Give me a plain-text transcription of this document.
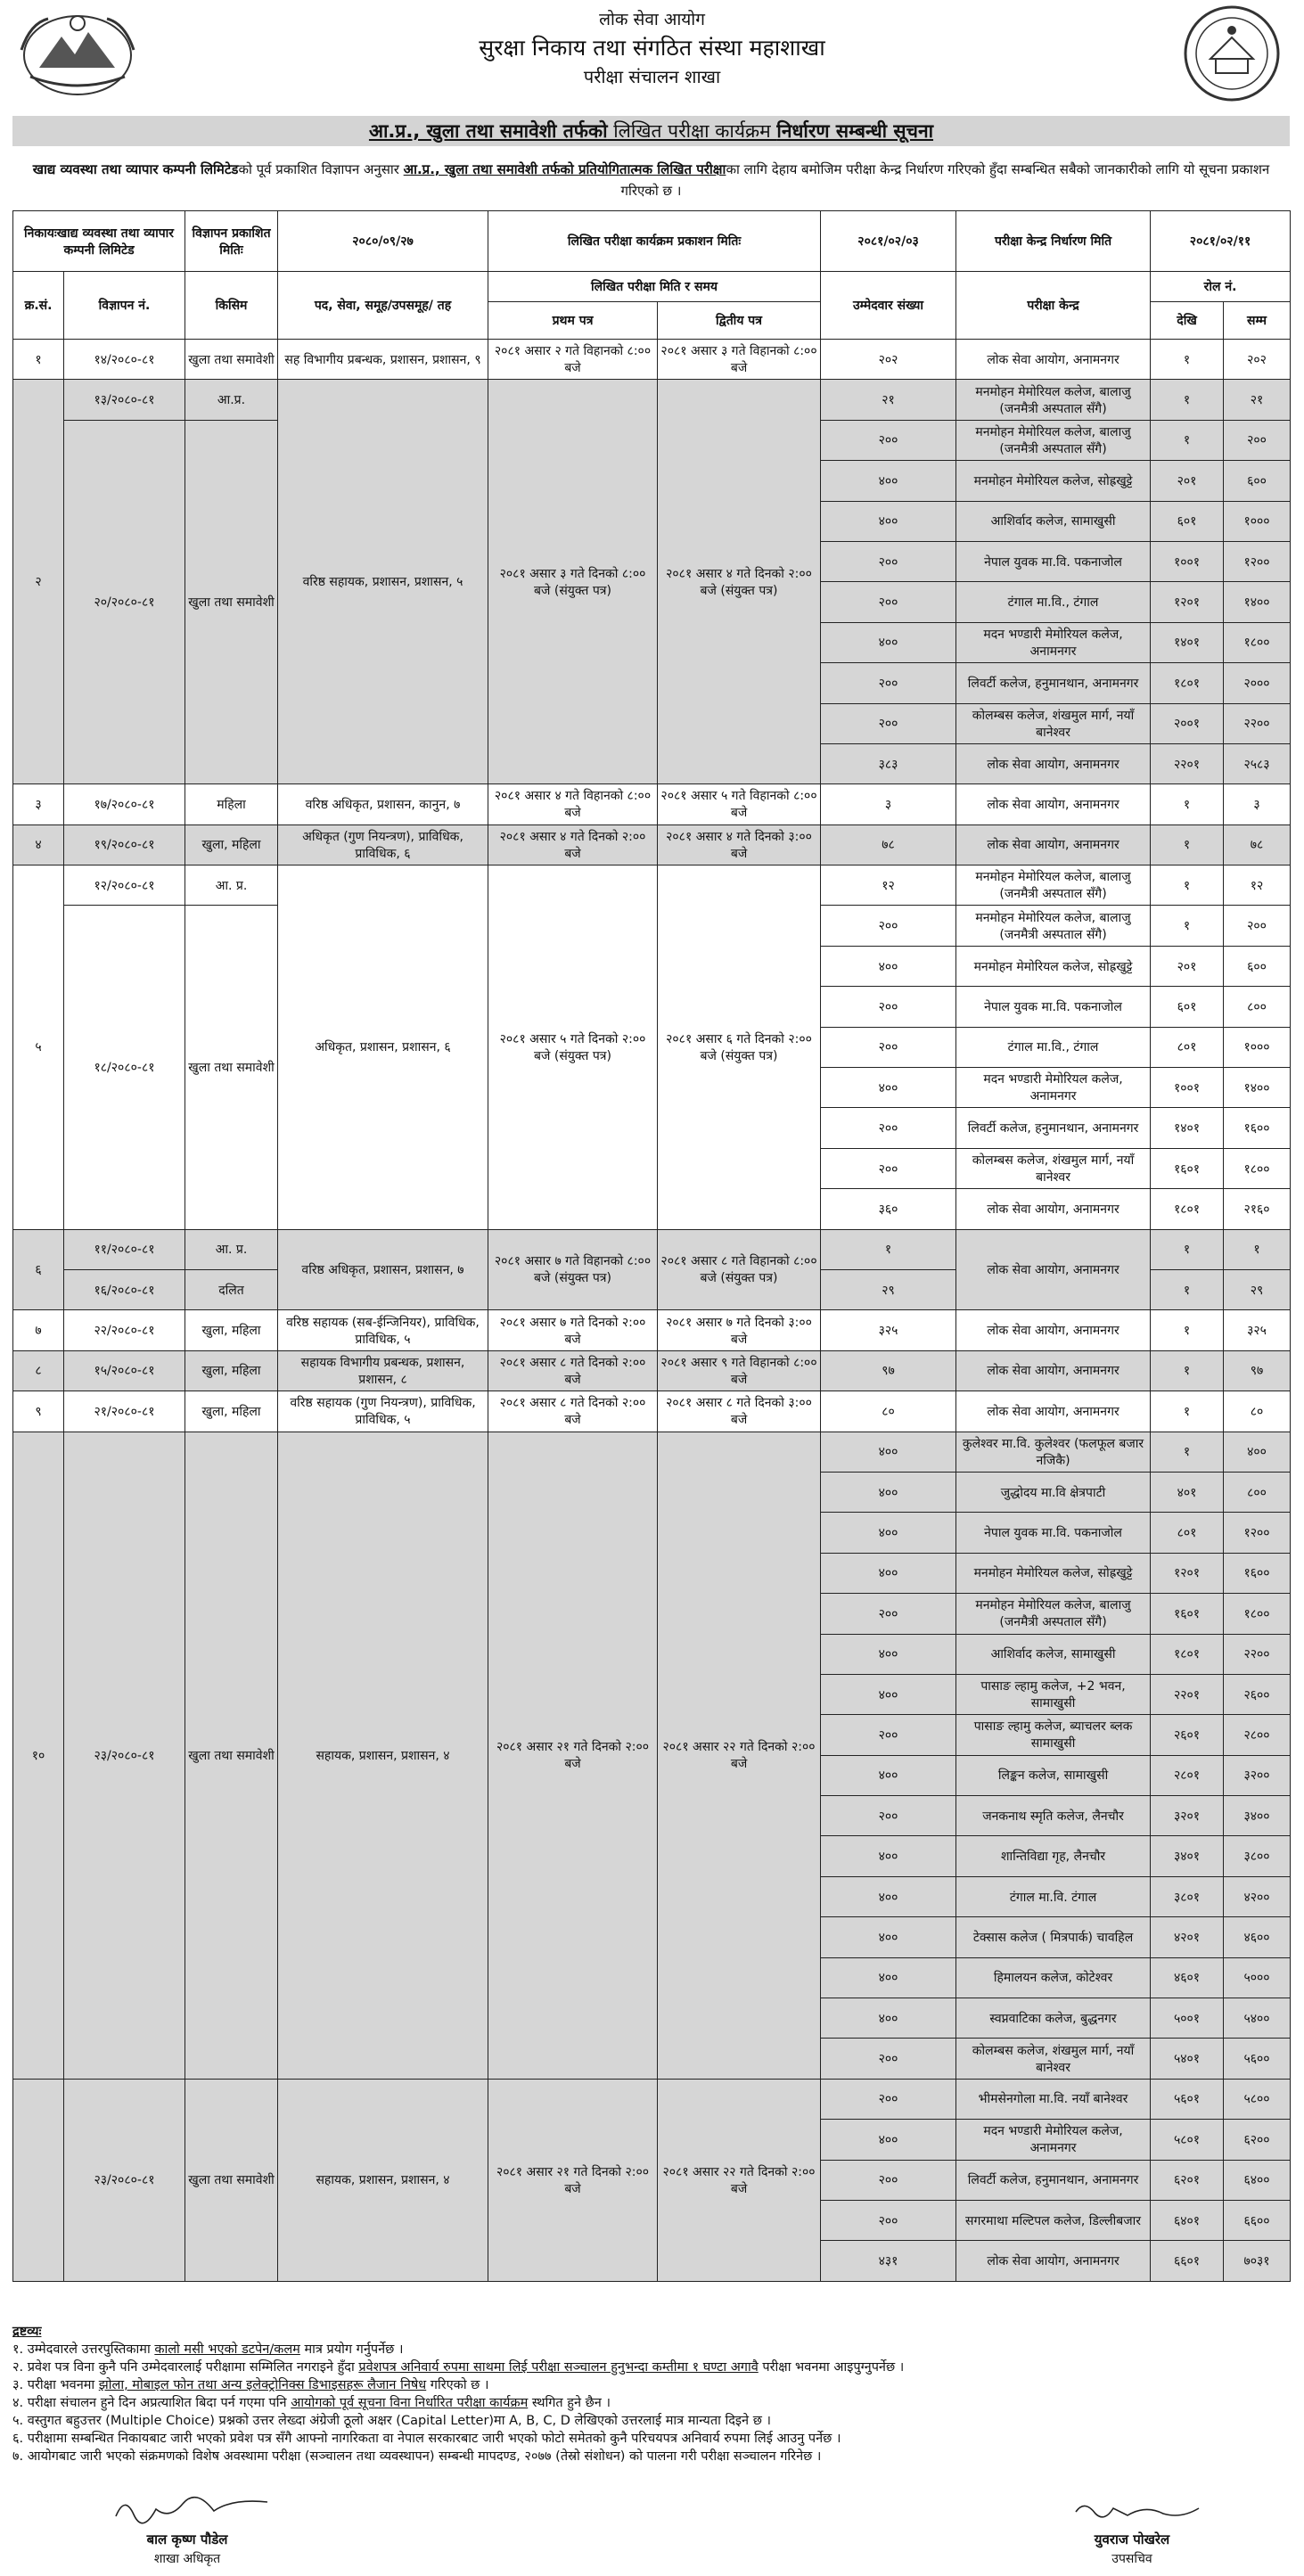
लोक सेवा आयोग
सुरक्षा निकाय तथा संगठित संस्था महाशाखा
परीक्षा संचालन शाखा
आ.प्र., खुला तथा समावेशी तर्फको लिखित परीक्षा कार्यक्रम निर्धारण सम्बन्धी सूचना
खाद्य व्यवस्था तथा व्यापार कम्पनी लिमिटेडको पूर्व प्रकाशित विज्ञापन अनुसार आ.प्र., खुला तथा समावेशी तर्फको प्रतियोगितात्मक लिखित परीक्षाका लागि देहाय बमोजिम परीक्षा केन्द्र निर्धारण गरिएको हुँदा सम्बन्धित सबैको जानकारीको लागि यो सूचना प्रकाशन गरिएको छ ।
निकायःखाद्य व्यवस्था तथा व्यापार कम्पनी लिमिटेड		विज्ञापन प्रकाशित मितिः	२०८०/०९/२७	लिखित परीक्षा कार्यक्रम प्रकाशन मितिः		२०८१/०२/०३	परीक्षा केन्द्र निर्धारण मिति	२०८१/०२/११	
क्र.सं.	विज्ञापन नं.	किसिम	पद, सेवा, समूह/उपसमूह/ तह	लिखित परीक्षा मिति र समय		उम्मेदवार संख्या	परीक्षा केन्द्र	रोल नं.	
				प्रथम पत्र	द्वितीय पत्र			देखि	सम्म
१	१४/२०८०-८१	खुला तथा समावेशी	सह विभागीय प्रबन्धक, प्रशासन, प्रशासन, ९	२०८१ असार २ गते विहानको ८:०० बजे	२०८१ असार ३ गते विहानको ८:०० बजे	२०२	लोक सेवा आयोग, अनामनगर	१	२०२
२	१३/२०८०-८१	आ.प्र.	वरिष्ठ सहायक, प्रशासन, प्रशासन, ५	२०८१ असार ३ गते दिनको ८:०० बजे (संयुक्त पत्र)	२०८१ असार ४ गते दिनको २:०० बजे (संयुक्त पत्र)	२१	मनमोहन मेमोरियल कलेज, बालाजु (जनमैत्री अस्पताल सँगै)	१	२१
	२०/२०८०-८१	खुला तथा समावेशी				२००	मनमोहन मेमोरियल कलेज, बालाजु (जनमैत्री अस्पताल सँगै)	१	२००
						४००	मनमोहन मेमोरियल कलेज, सोह्रखुट्टे	२०१	६००
						४००	आशिर्वाद कलेज, सामाखुसी	६०१	१०००
						२००	नेपाल युवक मा.वि. पकनाजोल	१००१	१२००
						२००	टंगाल मा.वि., टंगाल	१२०१	१४००
						४००	मदन भण्डारी मेमोरियल कलेज, अनामनगर	१४०१	१८००
						२००	लिवर्टी कलेज, हनुमानथान, अनामनगर	१८०१	२०००
						२००	कोलम्बस कलेज, शंखमुल मार्ग, नयाँ बानेश्वर	२००१	२२००
						३८३	लोक सेवा आयोग, अनामनगर	२२०१	२५८३
३	१७/२०८०-८१	महिला	वरिष्ठ अधिकृत, प्रशासन, कानुन, ७	२०८१ असार ४ गते विहानको ८:०० बजे	२०८१ असार ५ गते विहानको ८:०० बजे	३	लोक सेवा आयोग, अनामनगर	१	३
४	१९/२०८०-८१	खुला, महिला	अधिकृत (गुण नियन्त्रण), प्राविधिक, प्राविधिक, ६	२०८१ असार ४ गते दिनको २:०० बजे	२०८१ असार ४ गते दिनको ३:०० बजे	७८	लोक सेवा आयोग, अनामनगर	१	७८
५	१२/२०८०-८१	आ. प्र.	अधिकृत, प्रशासन, प्रशासन, ६	२०८१ असार ५ गते दिनको २:०० बजे (संयुक्त पत्र)	२०८१ असार ६ गते दिनको २:०० बजे (संयुक्त पत्र)	१२	मनमोहन मेमोरियल कलेज, बालाजु (जनमैत्री अस्पताल सँगै)	१	१२
	१८/२०८०-८१	खुला तथा समावेशी				२००	मनमोहन मेमोरियल कलेज, बालाजु (जनमैत्री अस्पताल सँगै)	१	२००
						४००	मनमोहन मेमोरियल कलेज, सोह्रखुट्टे	२०१	६००
						२००	नेपाल युवक मा.वि. पकनाजोल	६०१	८००
						२००	टंगाल मा.वि., टंगाल	८०१	१०००
						४००	मदन भण्डारी मेमोरियल कलेज, अनामनगर	१००१	१४००
						२००	लिवर्टी कलेज, हनुमानथान, अनामनगर	१४०१	१६००
						२००	कोलम्बस कलेज, शंखमुल मार्ग, नयाँ बानेश्वर	१६०१	१८००
						३६०	लोक सेवा आयोग, अनामनगर	१८०१	२१६०
६	११/२०८०-८१	आ. प्र.	वरिष्ठ अधिकृत, प्रशासन, प्रशासन, ७	२०८१ असार ७ गते विहानको ८:०० बजे (संयुक्त पत्र)	२०८१ असार ८ गते विहानको ८:०० बजे (संयुक्त पत्र)	१	लोक सेवा आयोग, अनामनगर	१	१
	१६/२०८०-८१	दलित				२९		१	२९
७	२२/२०८०-८१	खुला, महिला	वरिष्ठ सहायक (सब-ईन्जिनियर), प्राविधिक, प्राविधिक, ५	२०८१ असार ७ गते दिनको २:०० बजे	२०८१ असार ७ गते दिनको ३:०० बजे	३२५	लोक सेवा आयोग, अनामनगर	१	३२५
८	१५/२०८०-८१	खुला, महिला	सहायक विभागीय प्रबन्धक, प्रशासन, प्रशासन, ८	२०८१ असार ८ गते दिनको २:०० बजे	२०८१ असार ९ गते विहानको ८:०० बजे	९७	लोक सेवा आयोग, अनामनगर	१	९७
९	२१/२०८०-८१	खुला, महिला	वरिष्ठ सहायक (गुण नियन्त्रण), प्राविधिक, प्राविधिक, ५	२०८१ असार ८ गते दिनको २:०० बजे	२०८१ असार ८ गते दिनको ३:०० बजे	८०	लोक सेवा आयोग, अनामनगर	१	८०
१०	२३/२०८०-८१	खुला तथा समावेशी	सहायक, प्रशासन, प्रशासन, ४	२०८१ असार २१ गते दिनको २:०० बजे	२०८१ असार २२ गते दिनको २:०० बजे	४००	कुलेश्वर मा.वि. कुलेश्वर (फलफूल बजार नजिकै)	१	४००
						४००	जुद्धोदय मा.वि क्षेत्रपाटी	४०१	८००
						४००	नेपाल युवक मा.वि. पकनाजोल	८०१	१२००
						४००	मनमोहन मेमोरियल कलेज, सोह्रखुट्टे	१२०१	१६००
						२००	मनमोहन मेमोरियल कलेज, बालाजु (जनमैत्री अस्पताल सँगै)	१६०१	१८००
						४००	आशिर्वाद कलेज, सामाखुसी	१८०१	२२००
						४००	पासाङ ल्हामु कलेज, +2 भवन, सामाखुसी	२२०१	२६००
						२००	पासाङ ल्हामु कलेज, ब्याचलर ब्लक सामाखुसी	२६०१	२८००
						४००	लिङ्कन कलेज, सामाखुसी	२८०१	३२००
						२००	जनकनाथ स्मृति कलेज, लैनचौर	३२०१	३४००
						४००	शान्तिविद्या गृह, लैनचौर	३४०१	३८००
						४००	टंगाल मा.वि. टंगाल	३८०१	४२००
						४००	टेक्सास कलेज ( मित्रपार्क) चावहिल	४२०१	४६००
						४००	हिमालयन कलेज, कोटेश्वर	४६०१	५०००
						४००	स्वप्नवाटिका कलेज, बुद्धनगर	५००१	५४००
						२००	कोलम्बस कलेज, शंखमुल मार्ग, नयाँ बानेश्वर	५४०१	५६००
	२३/२०८०-८१	खुला तथा समावेशी	सहायक, प्रशासन, प्रशासन, ४	२०८१ असार २१ गते दिनको २:०० बजे	२०८१ असार २२ गते दिनको २:०० बजे	२००	भीमसेनगोला मा.वि. नयाँ बानेश्वर	५६०१	५८००
						४००	मदन भण्डारी मेमोरियल कलेज, अनामनगर	५८०१	६२००
						२००	लिवर्टी कलेज, हनुमानथान, अनामनगर	६२०१	६४००
						२००	सगरमाथा मल्टिपल कलेज, डिल्लीबजार	६४०१	६६००
						४३१	लोक सेवा आयोग, अनामनगर	६६०१	७०३१
द्रष्टव्यः
१. उम्मेदवारले उत्तरपुस्तिकामा कालो मसी भएको डटपेन/कलम मात्र प्रयोग गर्नुपर्नेछ ।
२. प्रवेश पत्र विना कुनै पनि उम्मेदवारलाई परीक्षामा सम्मिलित नगराइने हुँदा प्रवेशपत्र अनिवार्य रुपमा साथमा लिई परीक्षा सञ्चालन हुनुभन्दा कम्तीमा १ घण्टा अगावै परीक्षा भवनमा आइपुग्नुपर्नेछ ।
३. परीक्षा भवनमा झोला, मोबाइल फोन तथा अन्य इलेक्ट्रोनिक्स डिभाइसहरू लैजान निषेध गरिएको छ ।
४. परीक्षा संचालन हुने दिन अप्रत्याशित बिदा पर्न गएमा पनि आयोगको पूर्व सूचना विना निर्धारित परीक्षा कार्यक्रम स्थगित हुने छैन ।
५. वस्तुगत बहुउत्तर (Multiple Choice) प्रश्नको उत्तर लेख्दा अंग्रेजी ठूलो अक्षर (Capital Letter)मा A, B, C, D लेखिएको उत्तरलाई मात्र मान्यता दिइने छ ।
६. परीक्षामा सम्बन्धित निकायबाट जारी भएको प्रवेश पत्र सँगै आफ्नो नागरिकता वा नेपाल सरकारबाट जारी भएको फोटो समेतको कुनै परिचयपत्र अनिवार्य रुपमा लिई आउनु पर्नेछ ।
७. आयोगबाट जारी भएको संक्रमणको विशेष अवस्थामा परीक्षा (सञ्चालन तथा व्यवस्थापन) सम्बन्धी मापदण्ड, २०७७ (तेस्रो संशोधन) को पालना गरी परीक्षा सञ्चालन गरिनेछ ।
बाल कृष्ण पौडेल
शाखा अधिकृत
युवराज पोखरेल
उपसचिव
